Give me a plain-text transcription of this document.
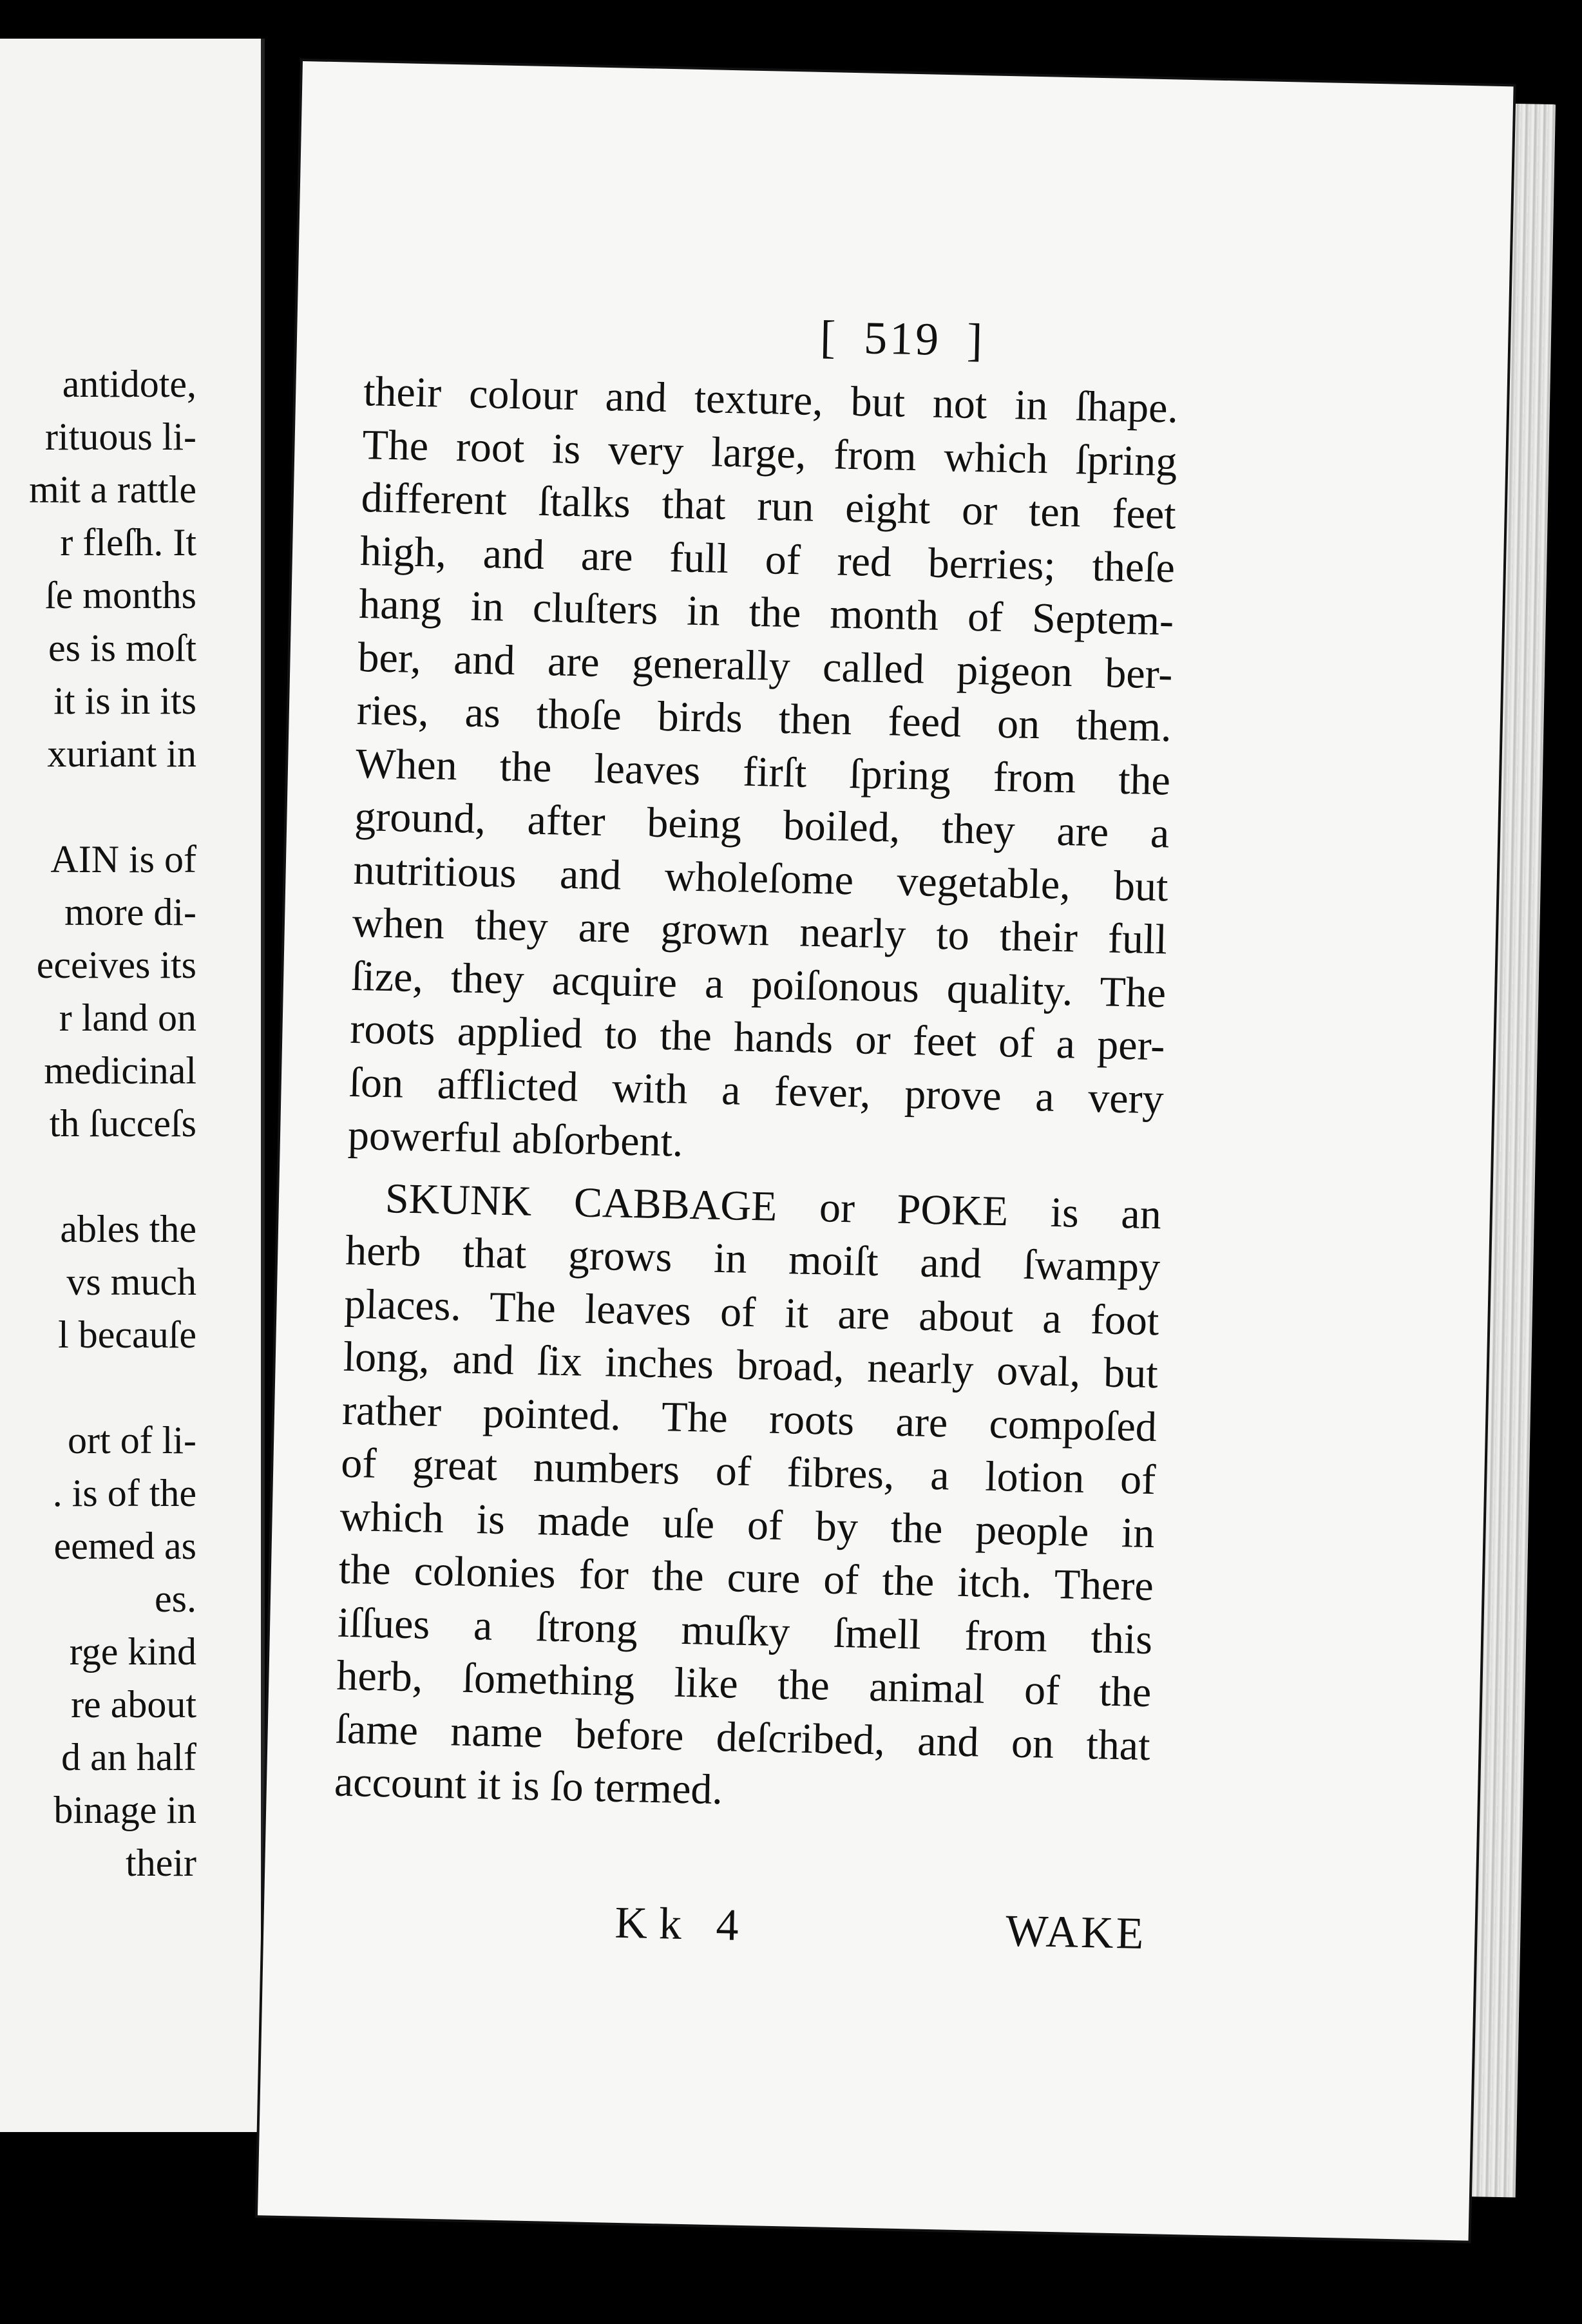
antidote,
rituous li-
mit a rattle
r fleſh. It
ſe months
es is moſt
it is in its
xuriant in
AIN is of
more di-
eceives its
r land on
medicinal
th ſucceſs
ables the
vs much
l becauſe
ort of li-
. is of the
eemed as
es.
rge kind
re about
d an half
binage in
their
[ 519 ]
their colour and texture, but not in ſhape.
The root is very large, from which ſpring
different ſtalks that run eight or ten feet
high, and are full of red berries; theſe
hang in cluſters in the month of Septem-
ber, and are generally called pigeon ber-
ries, as thoſe birds then feed on them.
When the leaves firſt ſpring from the
ground, after being boiled, they are a
nutritious and wholeſome vegetable, but
when they are grown nearly to their full
ſize, they acquire a poiſonous quality. The
roots applied to the hands or feet of a per-
ſon afflicted with a fever, prove a very
powerful abſorbent.
SKUNK CABBAGE or POKE is an
herb that grows in moiſt and ſwampy
places. The leaves of it are about a foot
long, and ſix inches broad, nearly oval, but
rather pointed. The roots are compoſed
of great numbers of fibres, a lotion of
which is made uſe of by the people in
the colonies for the cure of the itch. There
iſſues a ſtrong muſky ſmell from this
herb, ſomething like the animal of the
ſame name before deſcribed, and on that
account it is ſo termed.
Kk 4	WAKE
